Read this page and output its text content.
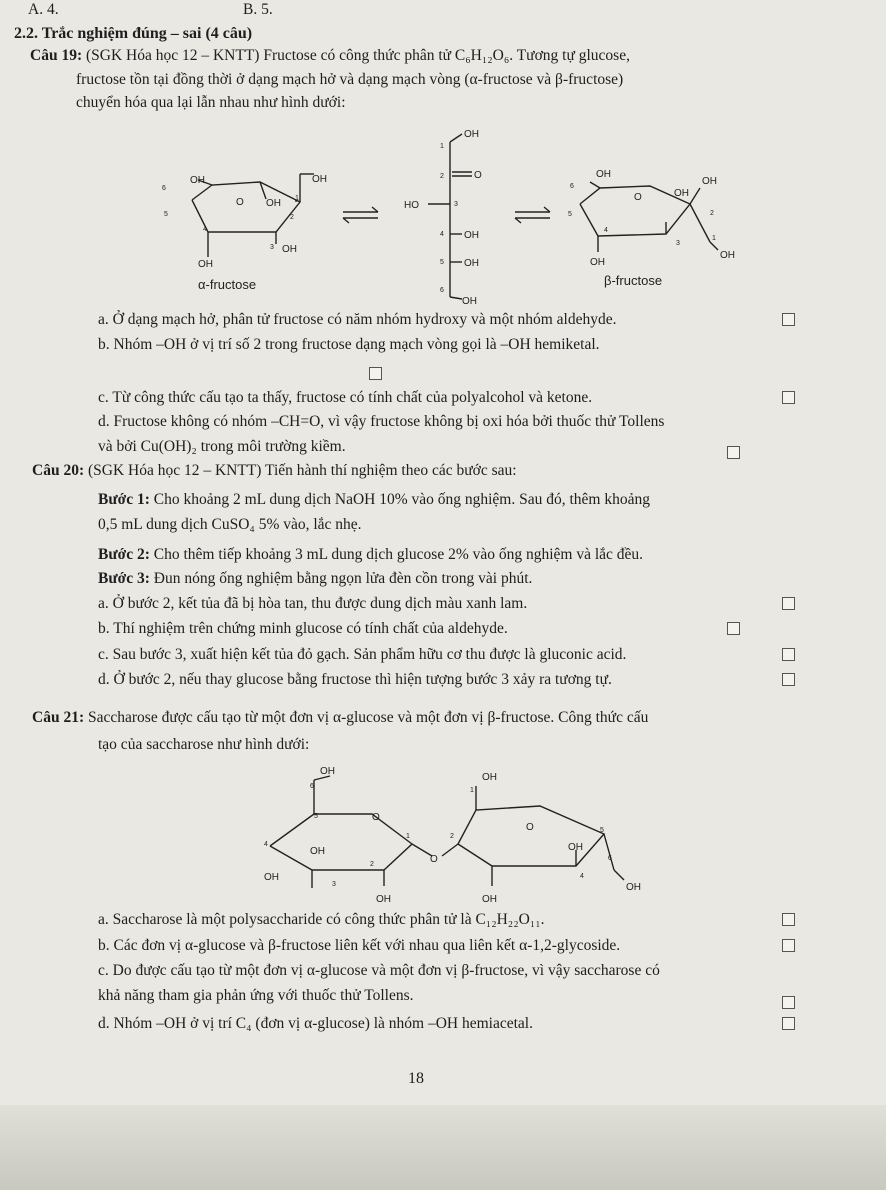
A. 4.	B. 5.
2.2. Trắc nghiệm đúng – sai (4 câu)
Câu 19: (SGK Hóa học 12 – KNTT) Fructose có công thức phân tử C₆H₁₂O₆. Tương tự glucose,
fructose tồn tại đồng thời ở dạng mạch hở và dạng mạch vòng (α-fructose và β-fructose)
chuyển hóa qua lại lẫn nhau như hình dưới:
OH
6
O OH
OH
5
4
2
1
3 OH
OH
α-fructose
OH
1
2	O
HO	3
4 OH
5 OH
6
OH
OH
6
O	OH
OH
5
4
2
3
1
OH
OH
β-fructose
a. Ở dạng mạch hở, phân tử fructose có năm nhóm hydroxy và một nhóm aldehyde.
b. Nhóm –OH ở vị trí số 2 trong fructose dạng mạch vòng gọi là –OH hemiketal.
c. Từ công thức cấu tạo ta thấy, fructose có tính chất của polyalcohol và ketone.
d. Fructose không có nhóm –CH=O, vì vậy fructose không bị oxi hóa bởi thuốc thử Tollens
và bởi Cu(OH)₂ trong môi trường kiềm.
Câu 20: (SGK Hóa học 12 – KNTT) Tiến hành thí nghiệm theo các bước sau:
Bước 1: Cho khoảng 2 mL dung dịch NaOH 10% vào ống nghiệm. Sau đó, thêm khoảng
0,5 mL dung dịch CuSO₄ 5% vào, lắc nhẹ.
Bước 2: Cho thêm tiếp khoảng 3 mL dung dịch glucose 2% vào ống nghiệm và lắc đều.
Bước 3: Đun nóng ống nghiệm bằng ngọn lửa đèn cồn trong vài phút.
a. Ở bước 2, kết tủa đã bị hòa tan, thu được dung dịch màu xanh lam.
b. Thí nghiệm trên chứng minh glucose có tính chất của aldehyde.
c. Sau bước 3, xuất hiện kết tủa đỏ gạch. Sản phẩm hữu cơ thu được là gluconic acid.
d. Ở bước 2, nếu thay glucose bằng fructose thì hiện tượng bước 3 xảy ra tương tự.
Câu 21: Saccharose được cấu tạo từ một đơn vị α-glucose và một đơn vị β-fructose. Công thức cấu
tạo của saccharose như hình dưới:
OH
6
5	O
OH
4
1
OH
2
3
OH
O
OH
1
2
O
OH
5
6
4
OH
OH
a. Saccharose là một polysaccharide có công thức phân tử là C₁₂H₂₂O₁₁.
b. Các đơn vị α-glucose và β-fructose liên kết với nhau qua liên kết α-1,2-glycoside.
c. Do được cấu tạo từ một đơn vị α-glucose và một đơn vị β-fructose, vì vậy saccharose có
khả năng tham gia phản ứng với thuốc thử Tollens.
d. Nhóm –OH ở vị trí C₄ (đơn vị α-glucose) là nhóm –OH hemiacetal.
18
